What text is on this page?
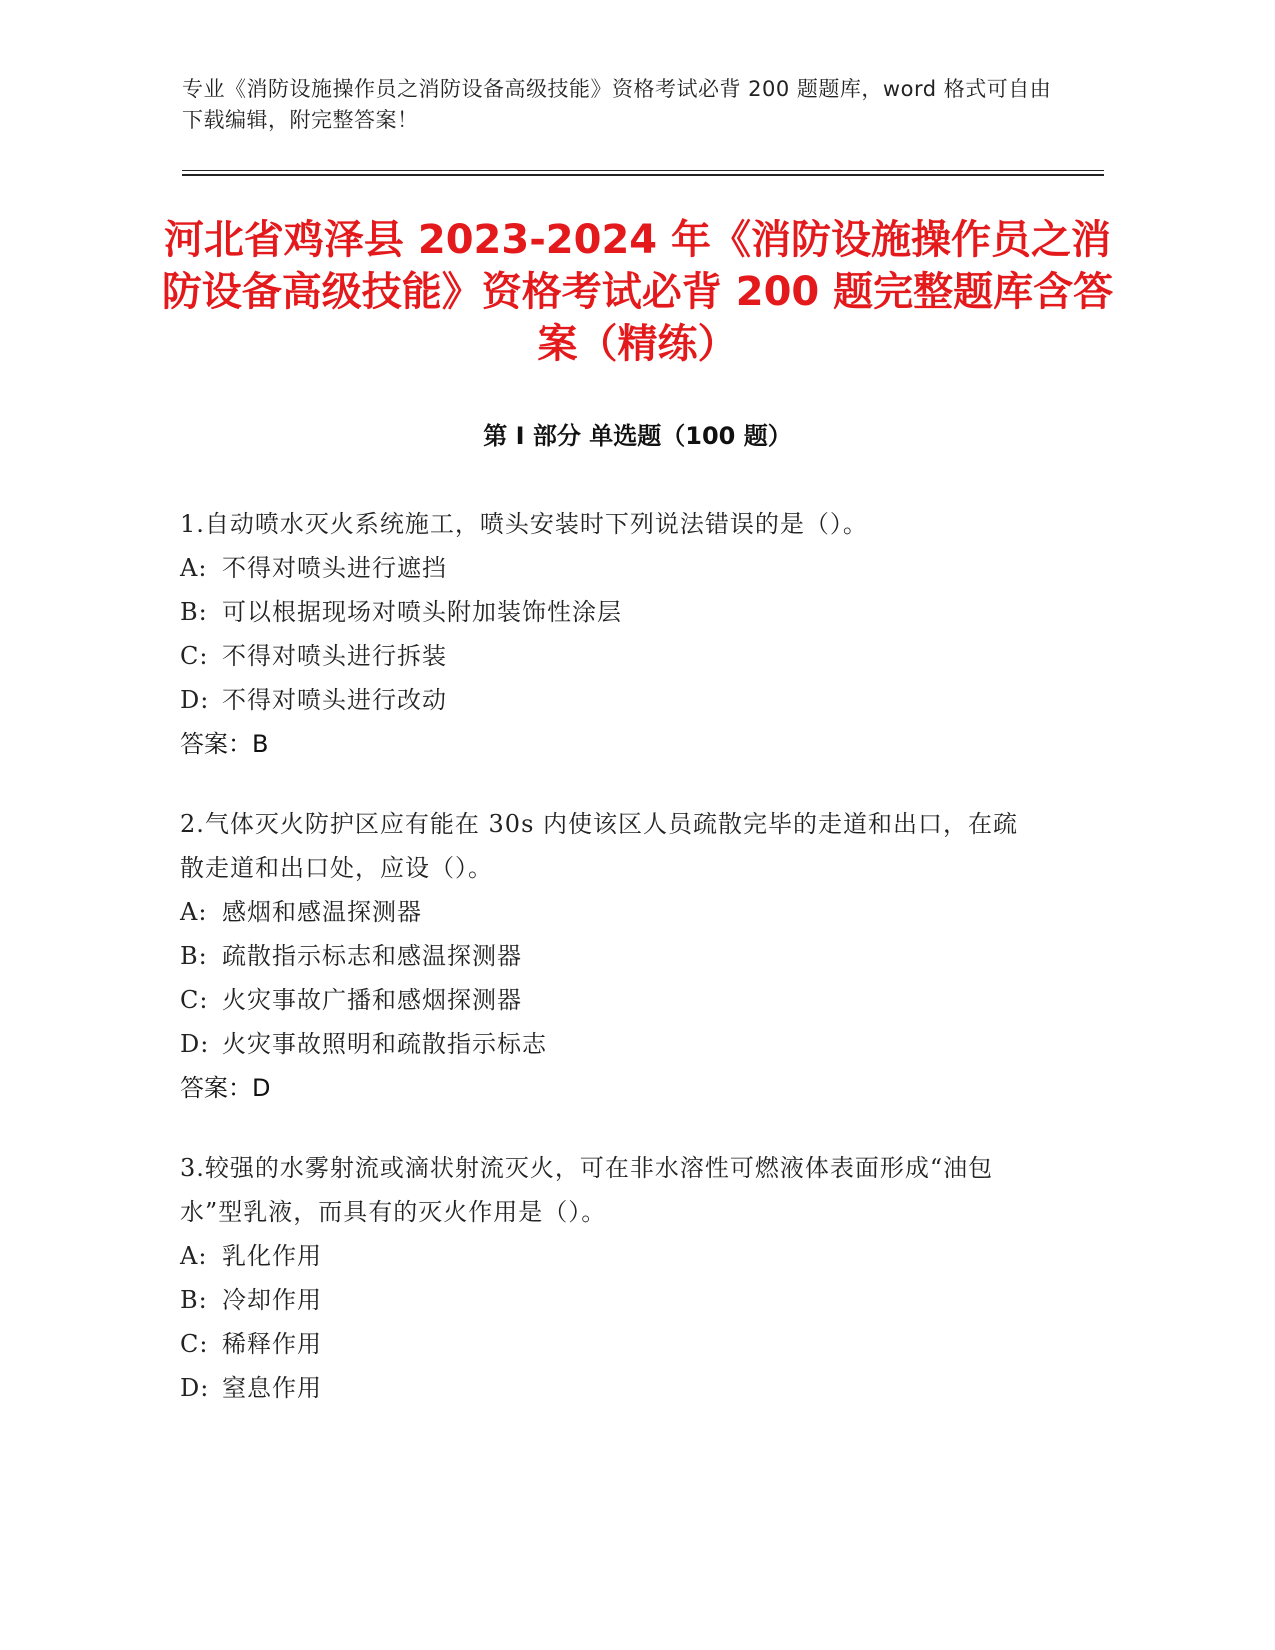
专业《消防设施操作员之消防设备高级技能》资格考试必背 200 题题库，word 格式可自由下载编辑，附完整答案！
河北省鸡泽县 2023-2024 年《消防设施操作员之消防设备高级技能》资格考试必背 200 题完整题库含答案（精练）
第 I 部分 单选题（100 题）
1.自动喷水灭火系统施工，喷头安装时下列说法错误的是（）。
A: 不得对喷头进行遮挡
B: 可以根据现场对喷头附加装饰性涂层
C: 不得对喷头进行拆装
D: 不得对喷头进行改动
答案：B
2.气体灭火防护区应有能在 30s 内使该区人员疏散完毕的走道和出口，在疏散走道和出口处，应设（）。
A: 感烟和感温探测器
B: 疏散指示标志和感温探测器
C: 火灾事故广播和感烟探测器
D: 火灾事故照明和疏散指示标志
答案：D
3.较强的水雾射流或滴状射流灭火，可在非水溶性可燃液体表面形成“油包水”型乳液，而具有的灭火作用是（）。
A: 乳化作用
B: 冷却作用
C: 稀释作用
D: 窒息作用
